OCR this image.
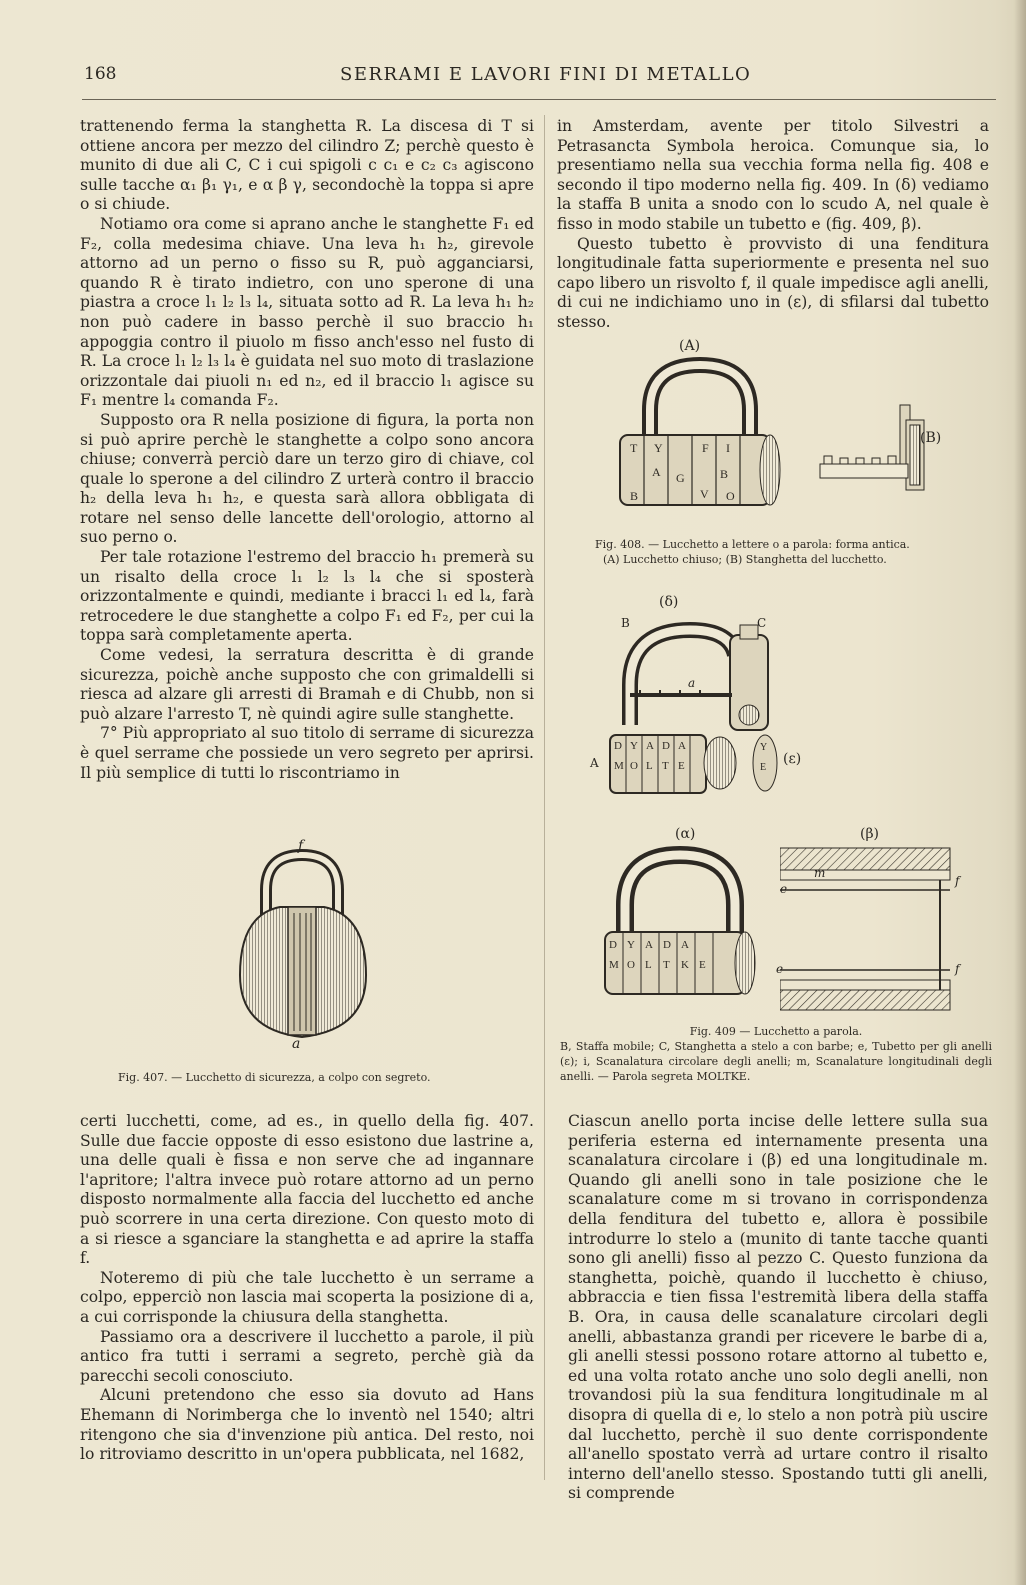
168	SERRAMI E LAVORI FINI DI METALLO

trattenendo ferma la stanghetta R. La discesa di T si ottiene ancora per mezzo del cilindro Z; perchè questo è munito di due ali C, C i cui spigoli c c₁ e c₂ c₃ agiscono sulle tacche α₁ β₁ γ₁, e α β γ, secondochè la toppa si apre o si chiude.

Notiamo ora come si aprano anche le stanghette F₁ ed F₂, colla medesima chiave. Una leva h₁ h₂, girevole attorno ad un perno o fisso su R, può agganciarsi, quando R è tirato indietro, con uno sperone di una piastra a croce l₁ l₂ l₃ l₄, situata sotto ad R. La leva h₁ h₂ non può cadere in basso perchè il suo braccio h₁ appoggia contro il piuolo m fisso anch'esso nel fusto di R. La croce l₁ l₂ l₃ l₄ è guidata nel suo moto di traslazione orizzontale dai piuoli n₁ ed n₂, ed il braccio l₁ agisce su F₁ mentre l₄ comanda F₂.

Supposto ora R nella posizione di figura, la porta non si può aprire perchè le stanghette a colpo sono ancora chiuse; converrà perciò dare un terzo giro di chiave, col quale lo sperone a del cilindro Z urterà contro il braccio h₂ della leva h₁ h₂, e questa sarà allora obbligata di rotare nel senso delle lancette dell'orologio, attorno al suo perno o.

Per tale rotazione l'estremo del braccio h₁ premerà su un risalto della croce l₁ l₂ l₃ l₄ che si sposterà orizzontalmente e quindi, mediante i bracci l₁ ed l₄, farà retrocedere le due stanghette a colpo F₁ ed F₂, per cui la toppa sarà completamente aperta.

Come vedesi, la serratura descritta è di grande sicurezza, poichè anche supposto che con grimaldelli si riesca ad alzare gli arresti di Bramah e di Chubb, non si può alzare l'arresto T, nè quindi agire sulle stanghette.

7° Più appropriato al suo titolo di serrame di sicurezza è quel serrame che possiede un vero segreto per aprirsi. Il più semplice di tutti lo riscontriamo in

f
a
Fig. 407. — Lucchetto di sicurezza, a colpo con segreto.

certi lucchetti, come, ad es., in quello della fig. 407. Sulle due faccie opposte di esso esistono due lastrine a, una delle quali è fissa e non serve che ad ingannare l'apritore; l'altra invece può rotare attorno ad un perno disposto normalmente alla faccia del lucchetto ed anche può scorrere in una certa direzione. Con questo moto di a si riesce a sganciare la stanghetta e ad aprire la staffa f.

Noteremo di più che tale lucchetto è un serrame a colpo, epperciò non lascia mai scoperta la posizione di a, a cui corrisponde la chiusura della stanghetta.

Passiamo ora a descrivere il lucchetto a parole, il più antico fra tutti i serrami a segreto, perchè già da parecchi secoli conosciuto.

Alcuni pretendono che esso sia dovuto ad Hans Ehemann di Norimberga che lo inventò nel 1540; altri ritengono che sia d'invenzione più antica. Del resto, noi lo ritroviamo descritto in un'opera pubblicata, nel 1682,

in Amsterdam, avente per titolo Silvestri a Petrasancta Symbola heroica. Comunque sia, lo presentiamo nella sua vecchia forma nella fig. 408 e secondo il tipo moderno nella fig. 409. In (δ) vediamo la staffa B unita a snodo con lo scudo A, nel quale è fisso in modo stabile un tubetto e (fig. 409, β).

Questo tubetto è provvisto di una fenditura longitudinale fatta superiormente e presenta nel suo capo libero un risvolto f, il quale impedisce agli anelli, di cui ne indichiamo uno in (ε), di sfilarsi dal tubetto stesso.

T Y	F I
A G	B
B	V O
(A)
(B)

Fig. 408. — Lucchetto a lettere o a parola: forma antica.

(A) Lucchetto chiuso; (B) Stanghetta del lucchetto.

D Y A D A
M O L T E
Y
E
(δ)
B	C
a
A	(ε)
D Y A D A
M O L T K E
(α)	(β)
m
e
f
e	f

Fig. 409 — Lucchetto a parola.

B, Staffa mobile; C, Stanghetta a stelo a con barbe; e, Tubetto per gli anelli (ε); i, Scanalatura circolare degli anelli; m, Scanalature longitudinali degli anelli. — Parola segreta MOLTKE.

Ciascun anello porta incise delle lettere sulla sua periferia esterna ed internamente presenta una scanalatura circolare i (β) ed una longitudinale m. Quando gli anelli sono in tale posizione che le scanalature come m si trovano in corrispondenza della fenditura del tubetto e, allora è possibile introdurre lo stelo a (munito di tante tacche quanti sono gli anelli) fisso al pezzo C. Questo funziona da stanghetta, poichè, quando il lucchetto è chiuso, abbraccia e tien fissa l'estremità libera della staffa B. Ora, in causa delle scanalature circolari degli anelli, abbastanza grandi per ricevere le barbe di a, gli anelli stessi possono rotare attorno al tubetto e, ed una volta rotato anche uno solo degli anelli, non trovandosi più la sua fenditura longitudinale m al disopra di quella di e, lo stelo a non potrà più uscire dal lucchetto, perchè il suo dente corrispondente all'anello spostato verrà ad urtare contro il risalto interno dell'anello stesso. Spostando tutti gli anelli, si comprende
